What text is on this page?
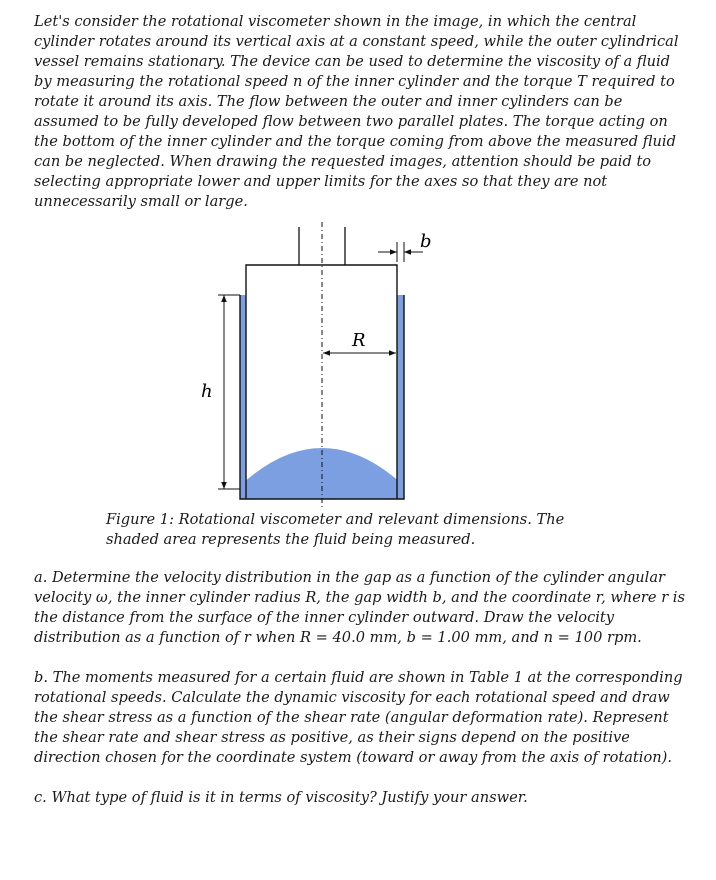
Let's consider the rotational viscometer shown in the image, in which the central cylinder rotates around its vertical axis at a constant speed, while the outer cylindrical vessel remains stationary. The device can be used to determine the viscosity of a fluid by measuring the rotational speed n of the inner cylinder and the torque T required to rotate it around its axis. The flow between the outer and inner cylinders can be assumed to be fully developed flow between two parallel plates. The torque acting on the bottom of the inner cylinder and the torque coming from above the measured fluid can be neglected. When drawing the requested images, attention should be paid to selecting appropriate lower and upper limits for the axes so that they are not unnecessarily small or large.

R
b
h

Figure 1: Rotational viscometer and relevant dimensions. The shaded area represents the fluid being measured.

a. Determine the velocity distribution in the gap as a function of the cylinder angular velocity ω, the inner cylinder radius R, the gap width b, and the coordinate r, where r is the distance from the surface of the inner cylinder outward. Draw the velocity distribution as a function of r when R = 40.0 mm, b = 1.00 mm, and n = 100 rpm.

b. The moments measured for a certain fluid are shown in Table 1 at the corresponding rotational speeds. Calculate the dynamic viscosity for each rotational speed and draw the shear stress as a function of the shear rate (angular deformation rate). Represent the shear rate and shear stress as positive, as their signs depend on the positive direction chosen for the coordinate system (toward or away from the axis of rotation).

c. What type of fluid is it in terms of viscosity? Justify your answer.
